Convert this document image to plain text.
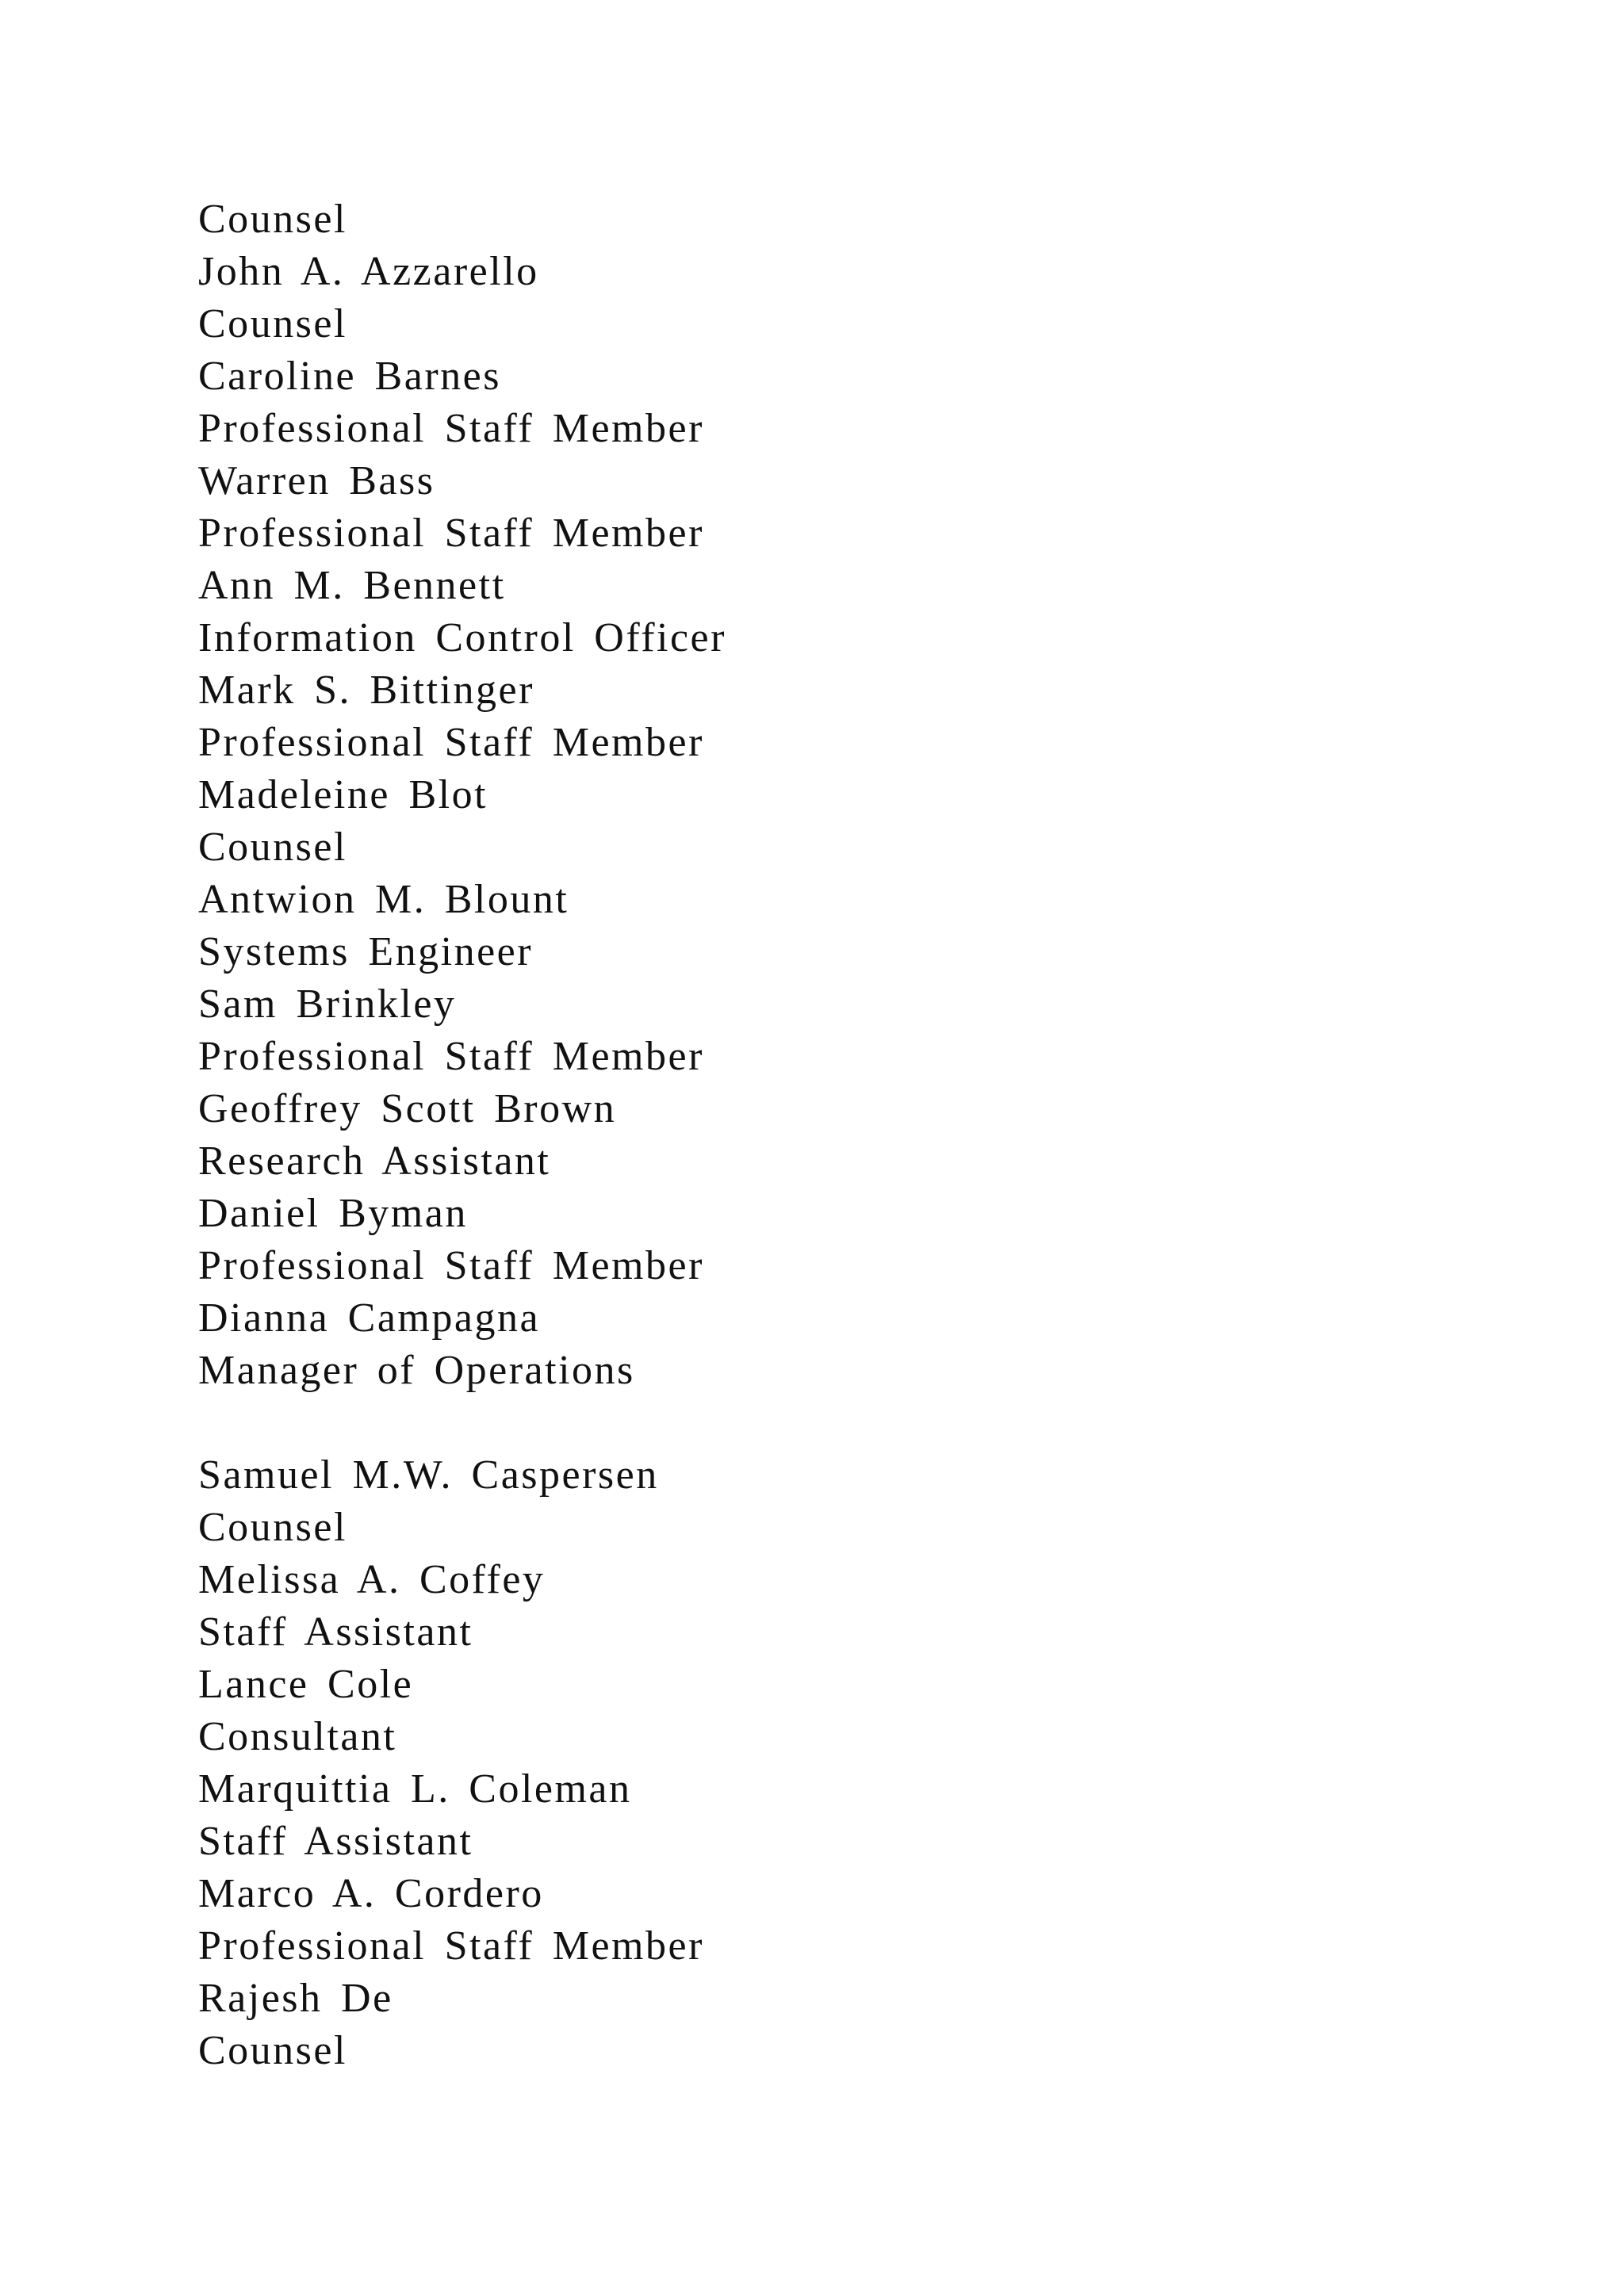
Counsel
John A. Azzarello
Counsel
Caroline Barnes
Professional Staff Member
Warren Bass
Professional Staff Member
Ann M. Bennett
Information Control Officer
Mark S. Bittinger
Professional Staff Member
Madeleine Blot
Counsel
Antwion M. Blount
Systems Engineer
Sam Brinkley
Professional Staff Member
Geoffrey Scott Brown
Research Assistant
Daniel Byman
Professional Staff Member
Dianna Campagna
Manager of Operations
Samuel M.W. Caspersen
Counsel
Melissa A. Coffey
Staff Assistant
Lance Cole
Consultant
Marquittia L. Coleman
Staff Assistant
Marco A. Cordero
Professional Staff Member
Rajesh De
Counsel
